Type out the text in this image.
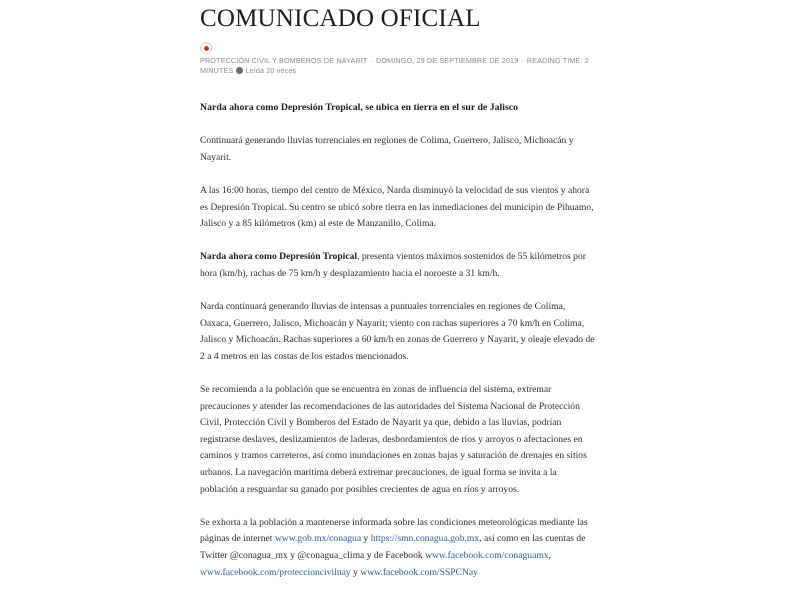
COMUNICADO OFICIAL
PROTECCIÓN CIVIL Y BOMBEROS DE NAYARIT · DOMINGO, 29 DE SEPTIEMBRE DE 2019 · READING TIME: 2 MINUTES Leída 20 veces

Narda ahora como Depresión Tropical, se ubica en tierra en el sur de Jalisco

Continuará generando lluvias torrenciales en regiones de Colima, Guerrero, Jalisco, Michoacán y Nayarit.

A las 16:00 horas, tiempo del centro de México, Narda disminuyó la velocidad de sus vientos y ahora es Depresión Tropical. Su centro se ubicó sobre tierra en las inmediaciones del municipio de Pihuamo, Jalisco y a 85 kilómetros (km) al este de Manzanillo, Colima.

Narda ahora como Depresión Tropical, presenta vientos máximos sostenidos de 55 kilómetros por hora (km/h), rachas de 75 km/h y desplazamiento hacia el noroeste a 31 km/h.

Narda continuará generando lluvias de intensas a puntuales torrenciales en regiones de Colima, Oaxaca, Guerrero, Jalisco, Michoacán y Nayarit; viento con rachas superiores a 70 km/h en Colima, Jalisco y Michoacán. Rachas superiores a 60 km/h en zonas de Guerrero y Nayarit, y oleaje elevado de 2 a 4 metros en las costas de los estados mencionados.

Se recomienda a la población que se encuentra en zonas de influencia del sistema, extremar precauciones y atender las recomendaciones de las autoridades del Sistema Nacional de Protección Civil, Protección Civil y Bomberos del Estado de Nayarit ya que, debido a las lluvias, podrían registrarse deslaves, deslizamientos de laderas, desbordamientos de ríos y arroyos o afectaciones en caminos y tramos carreteros, así como inundaciones en zonas bajas y saturación de drenajes en sitios urbanos. La navegación marítima deberá extremar precauciones, de igual forma se invita a la población a resguardar su ganado por posibles crecientes de agua en ríos y arroyos.

Se exhorta a la población a mantenerse informada sobre las condiciones meteorológicas mediante las páginas de internet www.gob.mx/conagua y https://smn.conagua.gob.mx, así como en las cuentas de Twitter @conagua_mx y @conagua_clima y de Facebook www.facebook.com/conaguamx, www.facebook.com/proteccioncivilnay y www.facebook.com/SSPCNay
